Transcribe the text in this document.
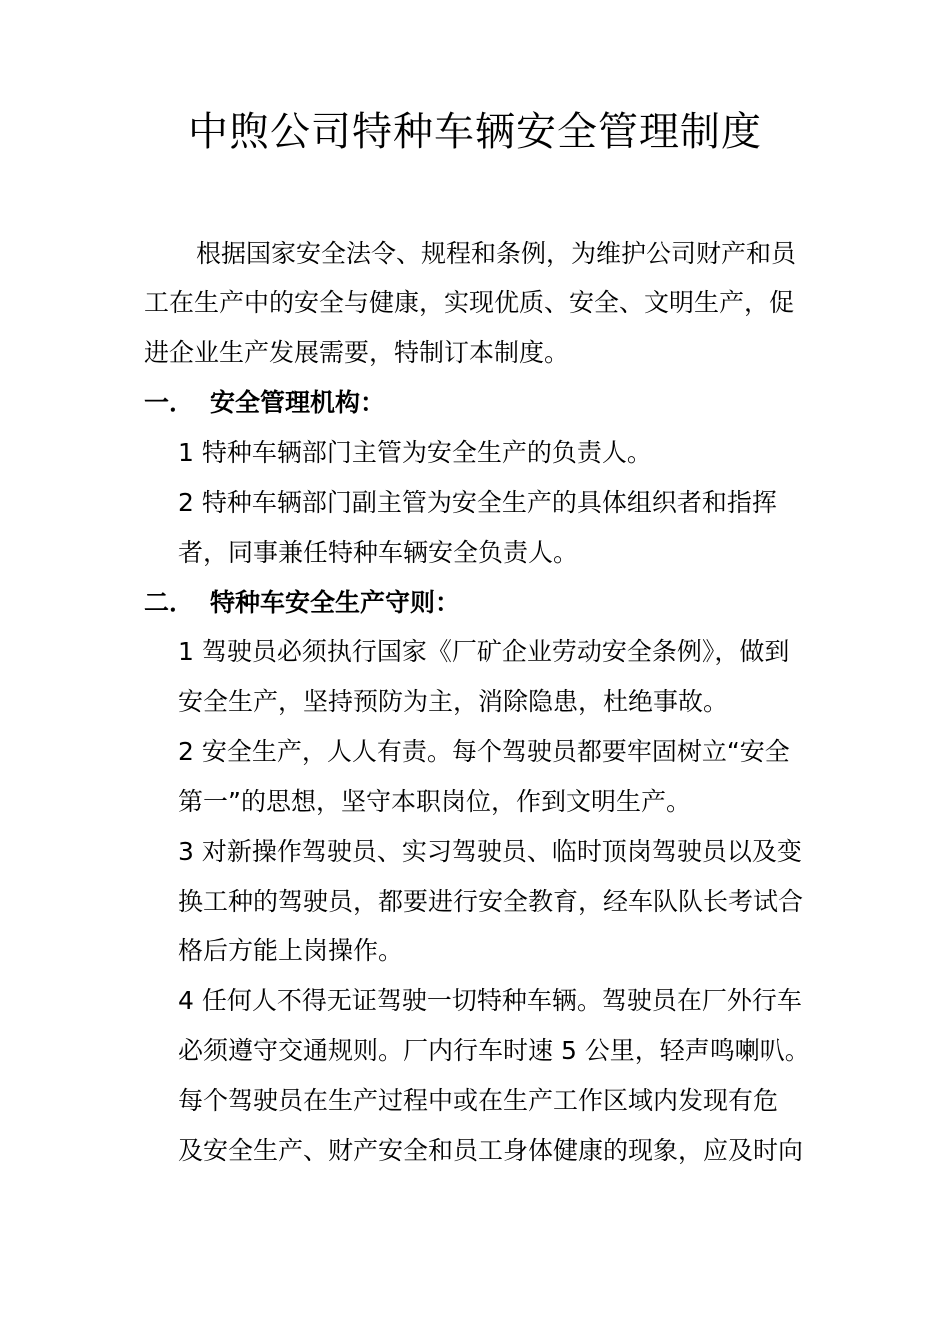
中煦公司特种车辆安全管理制度
根据国家安全法令、规程和条例，为维护公司财产和员
工在生产中的安全与健康，实现优质、安全、文明生产，促
进企业生产发展需要，特制订本制度。
一． 安全管理机构：
1 特种车辆部门主管为安全生产的负责人。
2 特种车辆部门副主管为安全生产的具体组织者和指挥
者，同事兼任特种车辆安全负责人。
二． 特种车安全生产守则：
1 驾驶员必须执行国家《厂矿企业劳动安全条例》，做到
安全生产，坚持预防为主，消除隐患，杜绝事故。
2 安全生产，人人有责。每个驾驶员都要牢固树立“安全
第一”的思想，坚守本职岗位，作到文明生产。
3 对新操作驾驶员、实习驾驶员、临时顶岗驾驶员以及变
换工种的驾驶员，都要进行安全教育，经车队队长考试合
格后方能上岗操作。
4 任何人不得无证驾驶一切特种车辆。驾驶员在厂外行车
必须遵守交通规则。厂内行车时速 5 公里，轻声鸣喇叭。
每个驾驶员在生产过程中或在生产工作区域内发现有危
及安全生产、财产安全和员工身体健康的现象，应及时向
